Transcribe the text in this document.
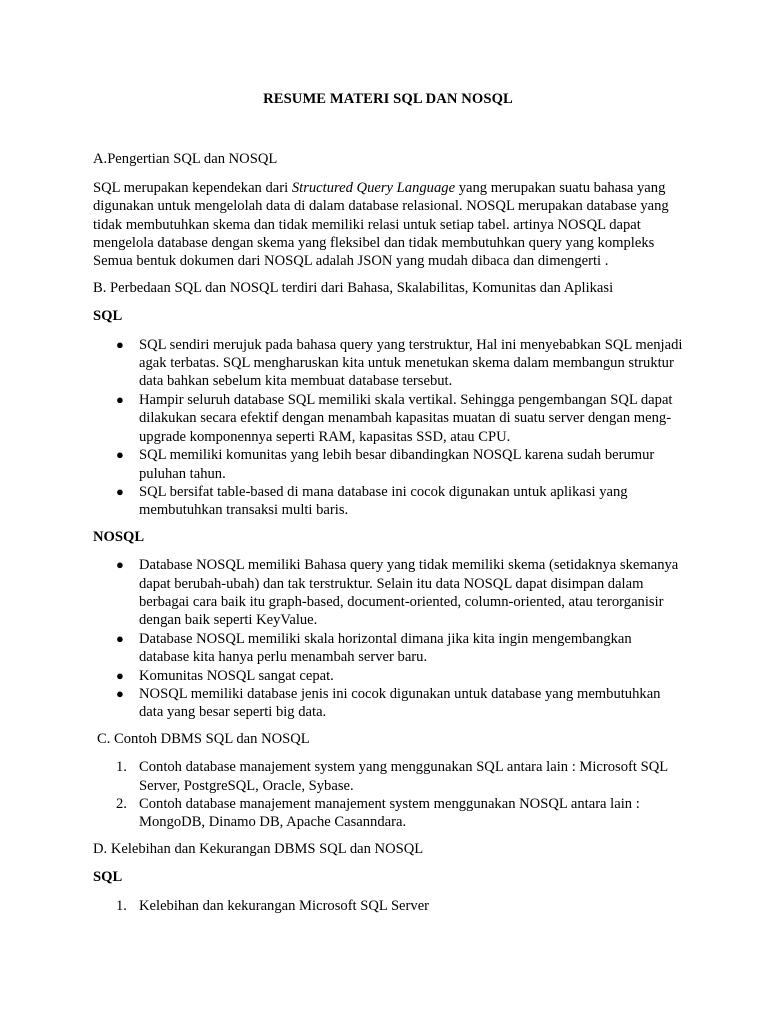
RESUME MATERI SQL DAN NOSQL
A.Pengertian SQL dan NOSQL
SQL merupakan kependekan dari Structured Query Language yang merupakan suatu bahasa yang digunakan untuk mengelolah data di dalam database relasional. NOSQL merupakan database yang tidak membutuhkan skema dan tidak memiliki relasi untuk setiap tabel. artinya NOSQL dapat mengelola database dengan skema yang fleksibel dan tidak membutuhkan query yang kompleks Semua bentuk dokumen dari NOSQL adalah JSON yang mudah dibaca dan dimengerti .
B. Perbedaan SQL dan NOSQL terdiri dari Bahasa, Skalabilitas, Komunitas dan Aplikasi
SQL
● SQL sendiri merujuk pada bahasa query yang terstruktur, Hal ini menyebabkan SQL menjadi agak terbatas. SQL mengharuskan kita untuk menetukan skema dalam membangun struktur data bahkan sebelum kita membuat database tersebut.
● Hampir seluruh database SQL memiliki skala vertikal. Sehingga pengembangan SQL dapat dilakukan secara efektif dengan menambah kapasitas muatan di suatu server dengan meng-upgrade komponennya seperti RAM, kapasitas SSD, atau CPU.
● SQL memiliki komunitas yang lebih besar dibandingkan NOSQL karena sudah berumur puluhan tahun.
● SQL bersifat table-based di mana database ini cocok digunakan untuk aplikasi yang membutuhkan transaksi multi baris.
NOSQL
● Database NOSQL memiliki Bahasa query yang tidak memiliki skema (setidaknya skemanya dapat berubah-ubah) dan tak terstruktur. Selain itu data NOSQL dapat disimpan dalam berbagai cara baik itu graph-based, document-oriented, column-oriented, atau terorganisir dengan baik seperti KeyValue.
● Database NOSQL memiliki skala horizontal dimana jika kita ingin mengembangkan database kita hanya perlu menambah server baru.
● Komunitas NOSQL sangat cepat.
● NOSQL memiliki database jenis ini cocok digunakan untuk database yang membutuhkan data yang besar seperti big data.
C. Contoh DBMS SQL dan NOSQL
1. Contoh database manajement system yang menggunakan SQL antara lain : Microsoft SQL Server, PostgreSQL, Oracle, Sybase.
2. Contoh database manajement manajement system menggunakan NOSQL antara lain : MongoDB, Dinamo DB, Apache Casanndara.
D. Kelebihan dan Kekurangan DBMS SQL dan NOSQL
SQL
1. Kelebihan dan kekurangan Microsoft SQL Server
